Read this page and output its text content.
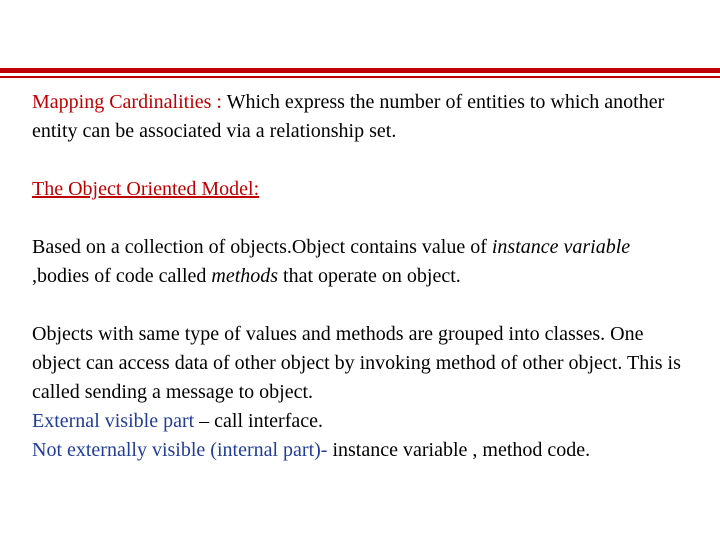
Mapping Cardinalities : Which express the number of entities to which another entity can be associated via a relationship set.

The Object Oriented Model:

Based on a collection of objects.Object contains value of instance variable ,bodies of code called methods that operate on object.

Objects with same type of values and methods are grouped into classes. One object can access data of other object by invoking method of other object. This is called sending a message to object.
External visible part – call interface.
Not externally visible (internal part)- instance variable , method code.
